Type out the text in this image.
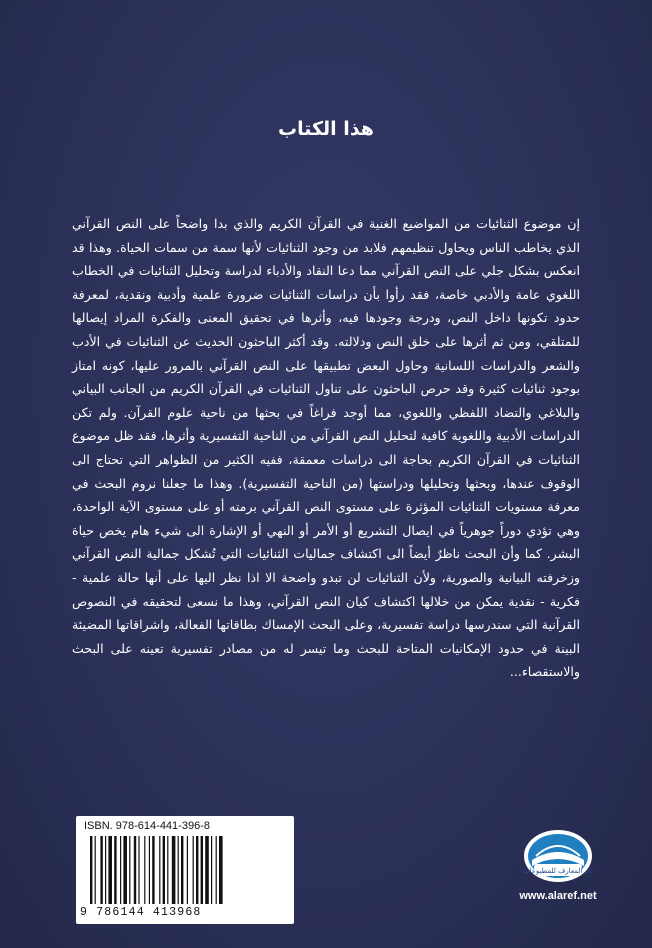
هذا الكتاب

إن موضوع الثنائيات من المواضيع الغنية في القرآن الكريم والذي بدا واضحاً على النص القرآني الذي يخاطب الناس ويحاول تنظيمهم فلابد من وجود الثنائيات لأنها سمة من سمات الحياة. وهذا قد انعكس بشكل جلي على النص القرآني مما دعا النقاد والأدباء لدراسة وتحليل الثنائيات في الخطاب اللغوي عامة والأدبي خاصة، فقد رأوا بأن دراسات الثنائيات ضرورة علمية وأدبية ونقدية، لمعرفة حدود تكونها داخل النص، ودرجة وجودها فيه، وأثرها في تحقيق المعنى والفكرة المراد إيصالها للمتلقي، ومن ثم أثرها على خلق النص ودلالته. وقد أكثر الباحثون الحديث عن الثنائيات في الأدب والشعر والدراسات اللسانية وحاول البعض تطبيقها على النص القرآني بالمرور عليها، كونه امتاز بوجود ثنائيات كثيرة وقد حرص الباحثون على تناول الثنائيات في القرآن الكريم من الجانب البياني والبلاغي والتضاد اللفظي واللغوي، مما أوجد فراغاً في بحثها من ناحية علوم القرآن. ولم تكن الدراسات الأدبية واللغوية كافية لتحليل النص القرآني من الناحية التفسيرية وأثرها، فقد ظل موضوع الثنائيات في القرآن الكريم بحاجة الى دراسات معمقة، ففيه الكثير من الظواهر التي تحتاج الى الوقوف عندها، وبحثها وتحليلها ودراستها (من الناحية التفسيرية). وهذا ما جعلنا نروم البحث في معرفة مستويات الثنائيات المؤثرة على مستوى النص القرآني برمته أو على مستوى الآية الواحدة، وهي تؤدي دوراً جوهرياً في ايصال التشريع أو الأمر أو النهي أو الإشارة الى شيء هام يخص حياة البشر. كما وأن البحث ناظرٌ أيضاً الى اكتشاف جماليات الثنائيات التي تُشكل جمالية النص القرآني وزخرفته البيانية والصورية، ولأن الثنائيات لن تبدو واضحة الا اذا نظر اليها على أنها حالة علمية - فكرية - نقدية يمكن من خلالها اكتشاف كيان النص القرآني، وهذا ما نسعى لتحقيقه في النصوص القرآنية التي سندرسها دراسة تفسيرية، وعلى البحث الإمساك بطاقاتها الفعالة، واشراقاتها المضيئة البينة في حدود الإمكانيات المتاحة للبحث وما تيسر له من مصادر تفسيرية تعينه على البحث والاستقصاء...

ISBN. 978-614-441-396-8
9 786144 413968
دار المعارف للمطبوعات
www.alaref.net
